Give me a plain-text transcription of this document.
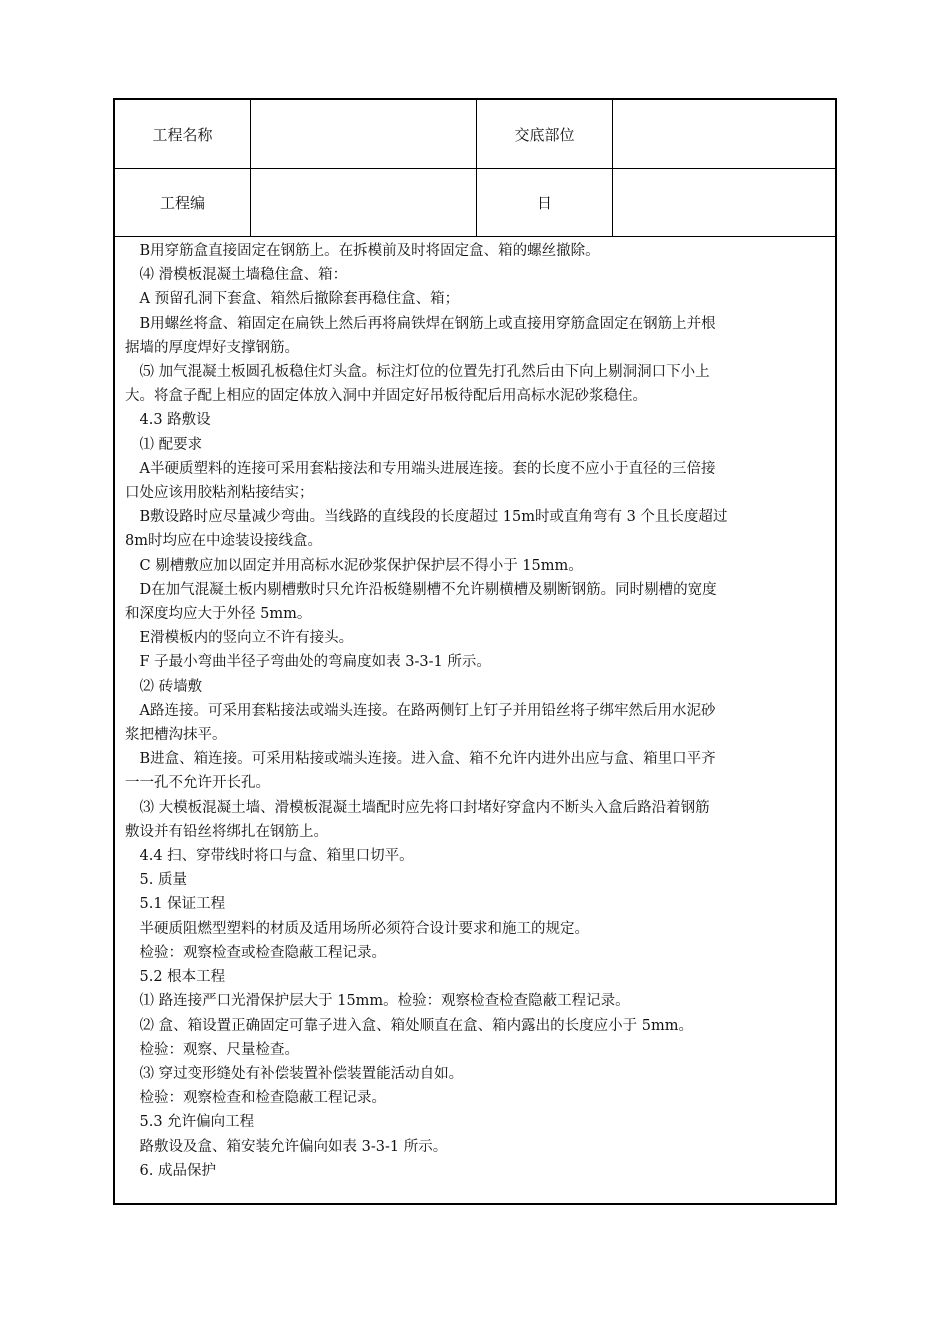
工程名称	交底部位
工程编	日

　B用穿筋盒直接固定在钢筋上。在拆模前及时将固定盒、箱的螺丝撤除。

　⑷ 滑模板混凝土墙稳住盒、箱：

　A 预留孔洞下套盒、箱然后撤除套再稳住盒、箱；

　B用螺丝将盒、箱固定在扁铁上然后再将扁铁焊在钢筋上或直接用穿筋盒固定在钢筋上并根

据墙的厚度焊好支撑钢筋。

　⑸ 加气混凝土板圆孔板稳住灯头盒。标注灯位的位置先打孔然后由下向上剔洞洞口下小上

大。将盒子配上相应的固定体放入洞中并固定好吊板待配后用高标水泥砂浆稳住。

　4.3 路敷设

　⑴ 配要求

　A半硬质塑料的连接可采用套粘接法和专用端头进展连接。套的长度不应小于直径的三倍接

口处应该用胶粘剂粘接结实；

　B敷设路时应尽量减少弯曲。当线路的直线段的长度超过 15m时或直角弯有 3 个且长度超过

8m时均应在中途装设接线盒。

　C 剔槽敷应加以固定并用高标水泥砂浆保护保护层不得小于 15mm。

　D在加气混凝土板内剔槽敷时只允许沿板缝剔槽不允许剔横槽及剔断钢筋。同时剔槽的宽度

和深度均应大于外径 5mm。

　E滑模板内的竖向立不许有接头。

　F 子最小弯曲半径子弯曲处的弯扁度如表 3-3-1 所示。

　⑵ 砖墙敷

　A路连接。可采用套粘接法或端头连接。在路两侧钉上钉子并用铅丝将子绑牢然后用水泥砂

浆把槽沟抹平。

　B进盒、箱连接。可采用粘接或端头连接。进入盒、箱不允许内进外出应与盒、箱里口平齐

一一孔不允许开长孔。

　⑶ 大模板混凝土墙、滑模板混凝土墙配时应先将口封堵好穿盒内不断头入盒后路沿着钢筋

敷设并有铅丝将绑扎在钢筋上。

　4.4 扫、穿带线时将口与盒、箱里口切平。

　5. 质量

　5.1 保证工程

　半硬质阻燃型塑料的材质及适用场所必须符合设计要求和施工的规定。

　检验：观察检查或检查隐蔽工程记录。

　5.2 根本工程

　⑴ 路连接严口光滑保护层大于 15mm。检验：观察检查检查隐蔽工程记录。

　⑵ 盒、箱设置正确固定可靠子进入盒、箱处顺直在盒、箱内露出的长度应小于 5mm。

　检验：观察、尺量检查。

　⑶ 穿过变形缝处有补偿装置补偿装置能活动自如。

　检验：观察检查和检查隐蔽工程记录。

　5.3 允许偏向工程

　路敷设及盒、箱安装允许偏向如表 3-3-1 所示。

　6. 成品保护
